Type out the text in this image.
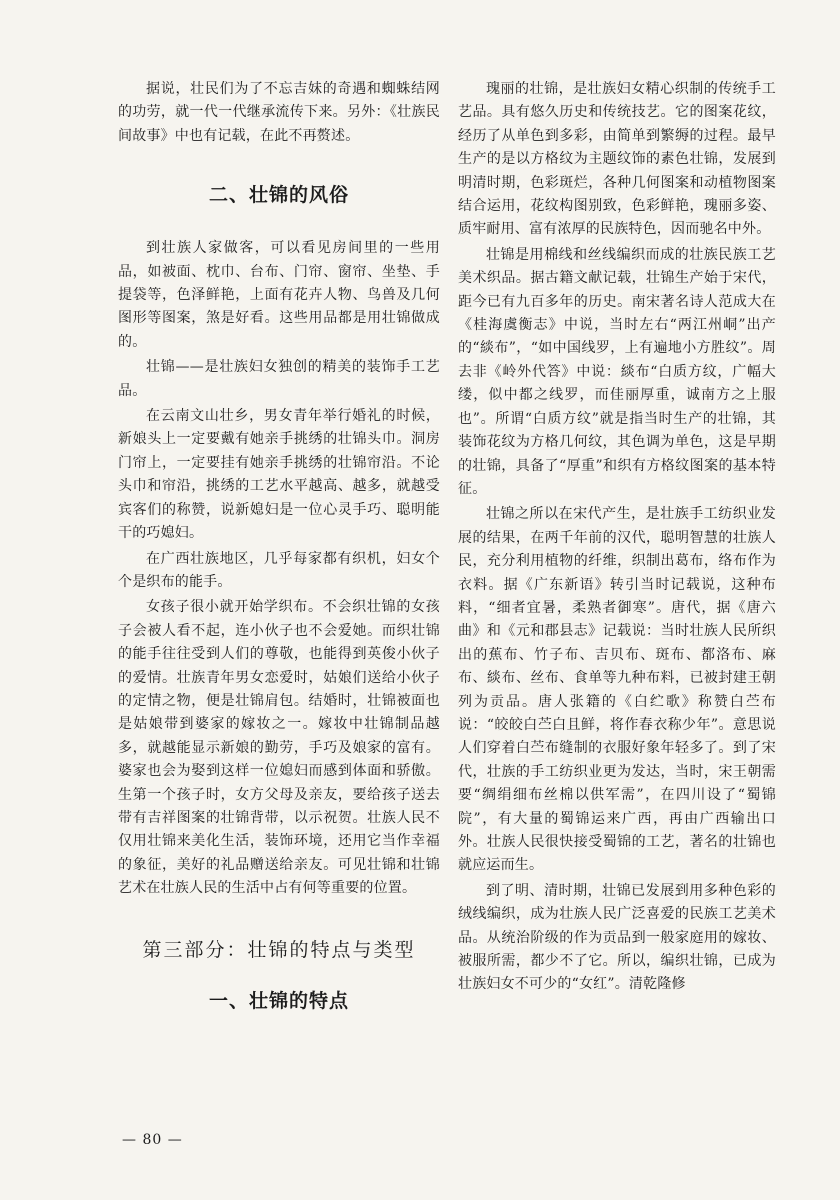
据说，壮民们为了不忘吉妹的奇遇和蜘蛛结网的功劳，就一代一代继承流传下来。另外：《壮族民间故事》中也有记载，在此不再赘述。

二、壮锦的风俗

到壮族人家做客，可以看见房间里的一些用品，如被面、枕巾、台布、门帘、窗帘、坐垫、手提袋等，色泽鲜艳，上面有花卉人物、鸟兽及几何图形等图案，煞是好看。这些用品都是用壮锦做成的。

壮锦——是壮族妇女独创的精美的装饰手工艺品。

在云南文山壮乡，男女青年举行婚礼的时候，新娘头上一定要戴有她亲手挑绣的壮锦头巾。洞房门帘上，一定要挂有她亲手挑绣的壮锦帘沿。不论头巾和帘沿，挑绣的工艺水平越高、越多，就越受宾客们的称赞，说新媳妇是一位心灵手巧、聪明能干的巧媳妇。

在广西壮族地区，几乎每家都有织机，妇女个个是织布的能手。

女孩子很小就开始学织布。不会织壮锦的女孩子会被人看不起，连小伙子也不会爱她。而织壮锦的能手往往受到人们的尊敬，也能得到英俊小伙子的爱情。壮族青年男女恋爱时，姑娘们送给小伙子的定情之物，便是壮锦肩包。结婚时，壮锦被面也是姑娘带到婆家的嫁妆之一。嫁妆中壮锦制品越多，就越能显示新娘的勤劳，手巧及娘家的富有。婆家也会为娶到这样一位媳妇而感到体面和骄傲。生第一个孩子时，女方父母及亲友，要给孩子送去带有吉祥图案的壮锦背带，以示祝贺。壮族人民不仅用壮锦来美化生活，装饰环境，还用它当作幸福的象征，美好的礼品赠送给亲友。可见壮锦和壮锦艺术在壮族人民的生活中占有何等重要的位置。

第三部分：壮锦的特点与类型
一、壮锦的特点

瑰丽的壮锦，是壮族妇女精心织制的传统手工艺品。具有悠久历史和传统技艺。它的图案花纹，经历了从单色到多彩，由简单到繁缛的过程。最早生产的是以方格纹为主题纹饰的素色壮锦，发展到明清时期，色彩斑烂，各种几何图案和动植物图案结合运用，花纹构图别致，色彩鲜艳，瑰丽多姿、质牢耐用、富有浓厚的民族特色，因而驰名中外。

壮锦是用棉线和丝线编织而成的壮族民族工艺美术织品。据古籍文献记载，壮锦生产始于宋代，距今已有九百多年的历史。南宋著名诗人范成大在《桂海虞衡志》中说，当时左右“两江州峒”出产的“緂布”，“如中国线罗，上有遍地小方胜纹”。周去非《岭外代答》中说：緂布“白质方纹，广幅大缕，似中都之线罗，而佳丽厚重，诚南方之上服也”。所谓“白质方纹”就是指当时生产的壮锦，其装饰花纹为方格几何纹，其色调为单色，这是早期的壮锦，具备了“厚重”和织有方格纹图案的基本特征。

壮锦之所以在宋代产生，是壮族手工纺织业发展的结果，在两千年前的汉代，聪明智慧的壮族人民，充分利用植物的纤维，织制出葛布，络布作为衣料。据《广东新语》转引当时记载说，这种布料，“细者宜暑，柔熟者御寒”。唐代，据《唐六曲》和《元和郡县志》记载说：当时壮族人民所织出的蕉布、竹子布、吉贝布、斑布、都洛布、麻布、緂布、丝布、食单等九种布料，已被封建王朝列为贡品。唐人张籍的《白纻歌》称赞白苎布说：“皎皎白苎白且鲜，将作春衣称少年”。意思说人们穿着白苎布缝制的衣服好象年轻多了。到了宋代，壮族的手工纺织业更为发达，当时，宋王朝需要“绸绢细布丝棉以供军需”，在四川设了“蜀锦院”，有大量的蜀锦运来广西，再由广西输出口外。壮族人民很快接受蜀锦的工艺，著名的壮锦也就应运而生。

到了明、清时期，壮锦已发展到用多种色彩的绒线编织，成为壮族人民广泛喜爱的民族工艺美术品。从统治阶级的作为贡品到一般家庭用的嫁妆、被服所需，都少不了它。所以，编织壮锦，已成为壮族妇女不可少的“女红”。清乾隆修

— 80 —
